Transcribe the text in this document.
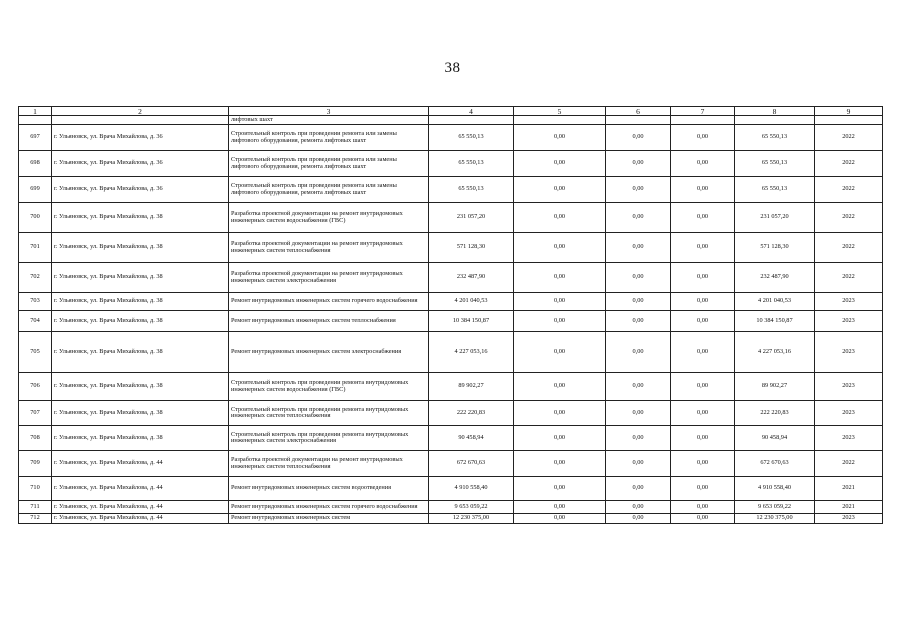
38
1	2	3	4	5	6	7	8	9
		лифтовых шахт						
697	г. Ульяновск, ул. Врача Михайлова, д. 36	Строительный контроль при проведении ремонта или замены лифтового оборудования, ремонта лифтовых шахт	65 550,13	0,00	0,00	0,00	65 550,13	2022
698	г. Ульяновск, ул. Врача Михайлова, д. 36	Строительный контроль при проведении ремонта или замены лифтового оборудования, ремонта лифтовых шахт	65 550,13	0,00	0,00	0,00	65 550,13	2022
699	г. Ульяновск, ул. Врача Михайлова, д. 36	Строительный контроль при проведении ремонта или замены лифтового оборудования, ремонта лифтовых шахт	65 550,13	0,00	0,00	0,00	65 550,13	2022
700	г. Ульяновск, ул. Врача Михайлова, д. 38	Разработка проектной документации на ремонт внутридомовых инженерных систем водоснабжения (ГВС)	231 057,20	0,00	0,00	0,00	231 057,20	2022
701	г. Ульяновск, ул. Врача Михайлова, д. 38	Разработка проектной документации на ремонт внутридомовых инженерных систем теплоснабжения	571 128,30	0,00	0,00	0,00	571 128,30	2022
702	г. Ульяновск, ул. Врача Михайлова, д. 38	Разработка проектной документации на ремонт внутридомовых инженерных систем электроснабжения	232 487,90	0,00	0,00	0,00	232 487,90	2022
703	г. Ульяновск, ул. Врача Михайлова, д. 38	Ремонт внутридомовых инженерных систем горячего водоснабжения	4 201 040,53	0,00	0,00	0,00	4 201 040,53	2023
704	г. Ульяновск, ул. Врача Михайлова, д. 38	Ремонт внутридомовых инженерных систем теплоснабжения	10 384 150,87	0,00	0,00	0,00	10 384 150,87	2023
705	г. Ульяновск, ул. Врача Михайлова, д. 38	Ремонт внутридомовых инженерных систем электроснабжения	4 227 053,16	0,00	0,00	0,00	4 227 053,16	2023
706	г. Ульяновск, ул. Врача Михайлова, д. 38	Строительный контроль при проведении ремонта внутридомовых инженерных систем водоснабжения (ГВС)	89 902,27	0,00	0,00	0,00	89 902,27	2023
707	г. Ульяновск, ул. Врача Михайлова, д. 38	Строительный контроль при проведении ремонта внутридомовых инженерных систем теплоснабжения	222 220,83	0,00	0,00	0,00	222 220,83	2023
708	г. Ульяновск, ул. Врача Михайлова, д. 38	Строительный контроль при проведении ремонта внутридомовых инженерных систем электроснабжения	90 458,94	0,00	0,00	0,00	90 458,94	2023
709	г. Ульяновск, ул. Врача Михайлова, д. 44	Разработка проектной документации на ремонт внутридомовых инженерных систем теплоснабжения	672 670,63	0,00	0,00	0,00	672 670,63	2022
710	г. Ульяновск, ул. Врача Михайлова, д. 44	Ремонт внутридомовых инженерных систем водоотведения	4 910 558,40	0,00	0,00	0,00	4 910 558,40	2021
711	г. Ульяновск, ул. Врача Михайлова, д. 44	Ремонт внутридомовых инженерных систем горячего водоснабжения	9 653 059,22	0,00	0,00	0,00	9 653 059,22	2021
712	г. Ульяновск, ул. Врача Михайлова, д. 44	Ремонт внутридомовых инженерных систем	12 230 375,00	0,00	0,00	0,00	12 230 375,00	2023
